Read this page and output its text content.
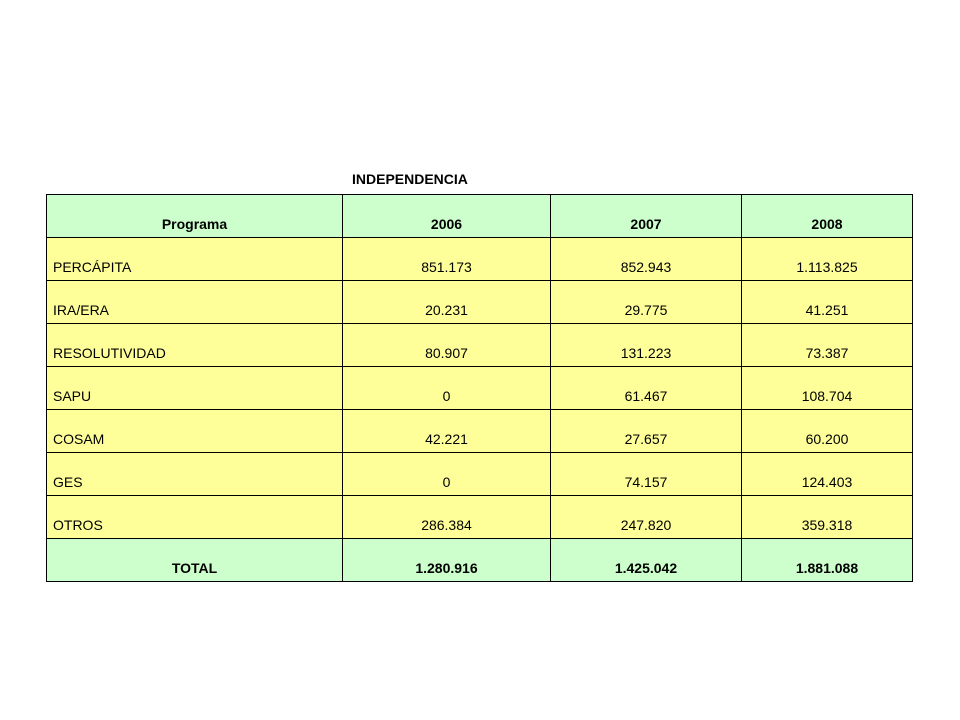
INDEPENDENCIA
Programa	2006	2007	2008
PERCÁPITA	851.173	852.943	1.113.825
IRA/ERA	20.231	29.775	41.251
RESOLUTIVIDAD	80.907	131.223	73.387
SAPU	0	61.467	108.704
COSAM	42.221	27.657	60.200
GES	0	74.157	124.403
OTROS	286.384	247.820	359.318
TOTAL	1.280.916	1.425.042	1.881.088
